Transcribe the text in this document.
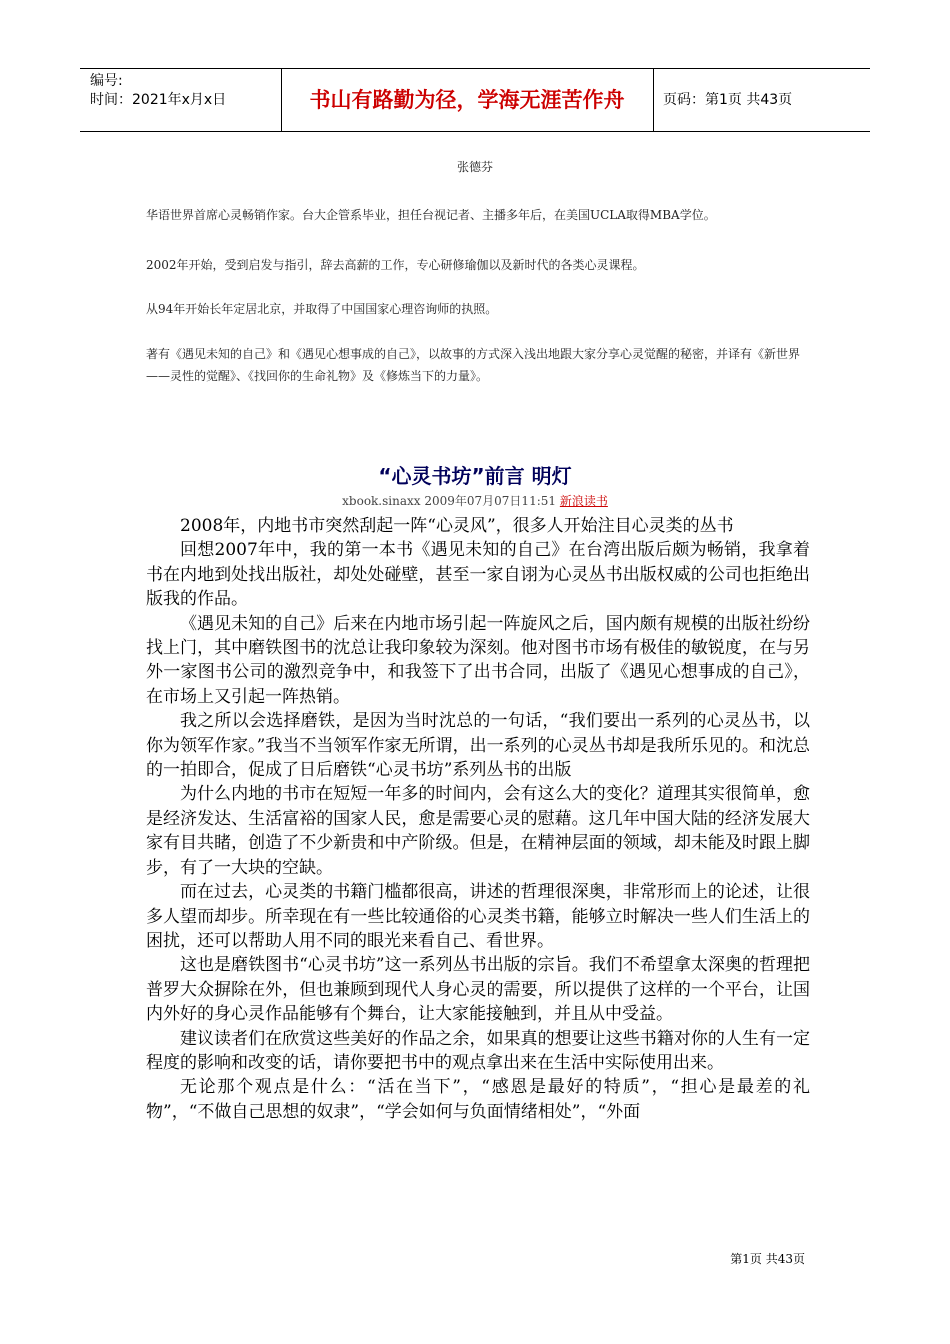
编号:
时间：2021年x月x日	书山有路勤为径，学海无涯苦作舟	页码：第1页 共43页
张德芬
华语世界首席心灵畅销作家。台大企管系毕业，担任台视记者、主播多年后，在美国UCLA取得MBA学位。
2002年开始，受到启发与指引，辞去高薪的工作，专心研修瑜伽以及新时代的各类心灵课程。
从94年开始长年定居北京，并取得了中国国家心理咨询师的执照。
著有《遇见未知的自己》和《遇见心想事成的自己》，以故事的方式深入浅出地跟大家分享心灵觉醒的秘密，并译有《新世界——灵性的觉醒》、《找回你的生命礼物》及《修炼当下的力量》。
“心灵书坊”前言 明灯
xbook.sinaxx 2009年07月07日11:51 新浪读书

2008年，内地书市突然刮起一阵“心灵风”，很多人开始注目心灵类的丛书

回想2007年中，我的第一本书《遇见未知的自己》在台湾出版后颇为畅销，我拿着书在内地到处找出版社，却处处碰壁，甚至一家自诩为心灵丛书出版权威的公司也拒绝出版我的作品。

《遇见未知的自己》后来在内地市场引起一阵旋风之后，国内颇有规模的出版社纷纷找上门，其中磨铁图书的沈总让我印象较为深刻。他对图书市场有极佳的敏锐度，在与另外一家图书公司的激烈竞争中，和我签下了出书合同，出版了《遇见心想事成的自己》，在市场上又引起一阵热销。

我之所以会选择磨铁，是因为当时沈总的一句话，“我们要出一系列的心灵丛书，以你为领军作家。”我当不当领军作家无所谓，出一系列的心灵丛书却是我所乐见的。和沈总的一拍即合，促成了日后磨铁“心灵书坊”系列丛书的出版

为什么内地的书市在短短一年多的时间内，会有这么大的变化？道理其实很简单，愈是经济发达、生活富裕的国家人民，愈是需要心灵的慰藉。这几年中国大陆的经济发展大家有目共睹，创造了不少新贵和中产阶级。但是，在精神层面的领域，却未能及时跟上脚步，有了一大块的空缺。

而在过去，心灵类的书籍门槛都很高，讲述的哲理很深奥，非常形而上的论述，让很多人望而却步。所幸现在有一些比较通俗的心灵类书籍，能够立时解决一些人们生活上的困扰，还可以帮助人用不同的眼光来看自己、看世界。

这也是磨铁图书“心灵书坊”这一系列丛书出版的宗旨。我们不希望拿太深奥的哲理把普罗大众摒除在外，但也兼顾到现代人身心灵的需要，所以提供了这样的一个平台，让国内外好的身心灵作品能够有个舞台，让大家能接触到，并且从中受益。

建议读者们在欣赏这些美好的作品之余，如果真的想要让这些书籍对你的人生有一定程度的影响和改变的话，请你要把书中的观点拿出来在生活中实际使用出来。

无论那个观点是什么：“活在当下”，“感恩是最好的特质”，“担心是最差的礼物”，“不做自己思想的奴隶”，“学会如何与负面情绪相处”，“外面

第1页 共43页
